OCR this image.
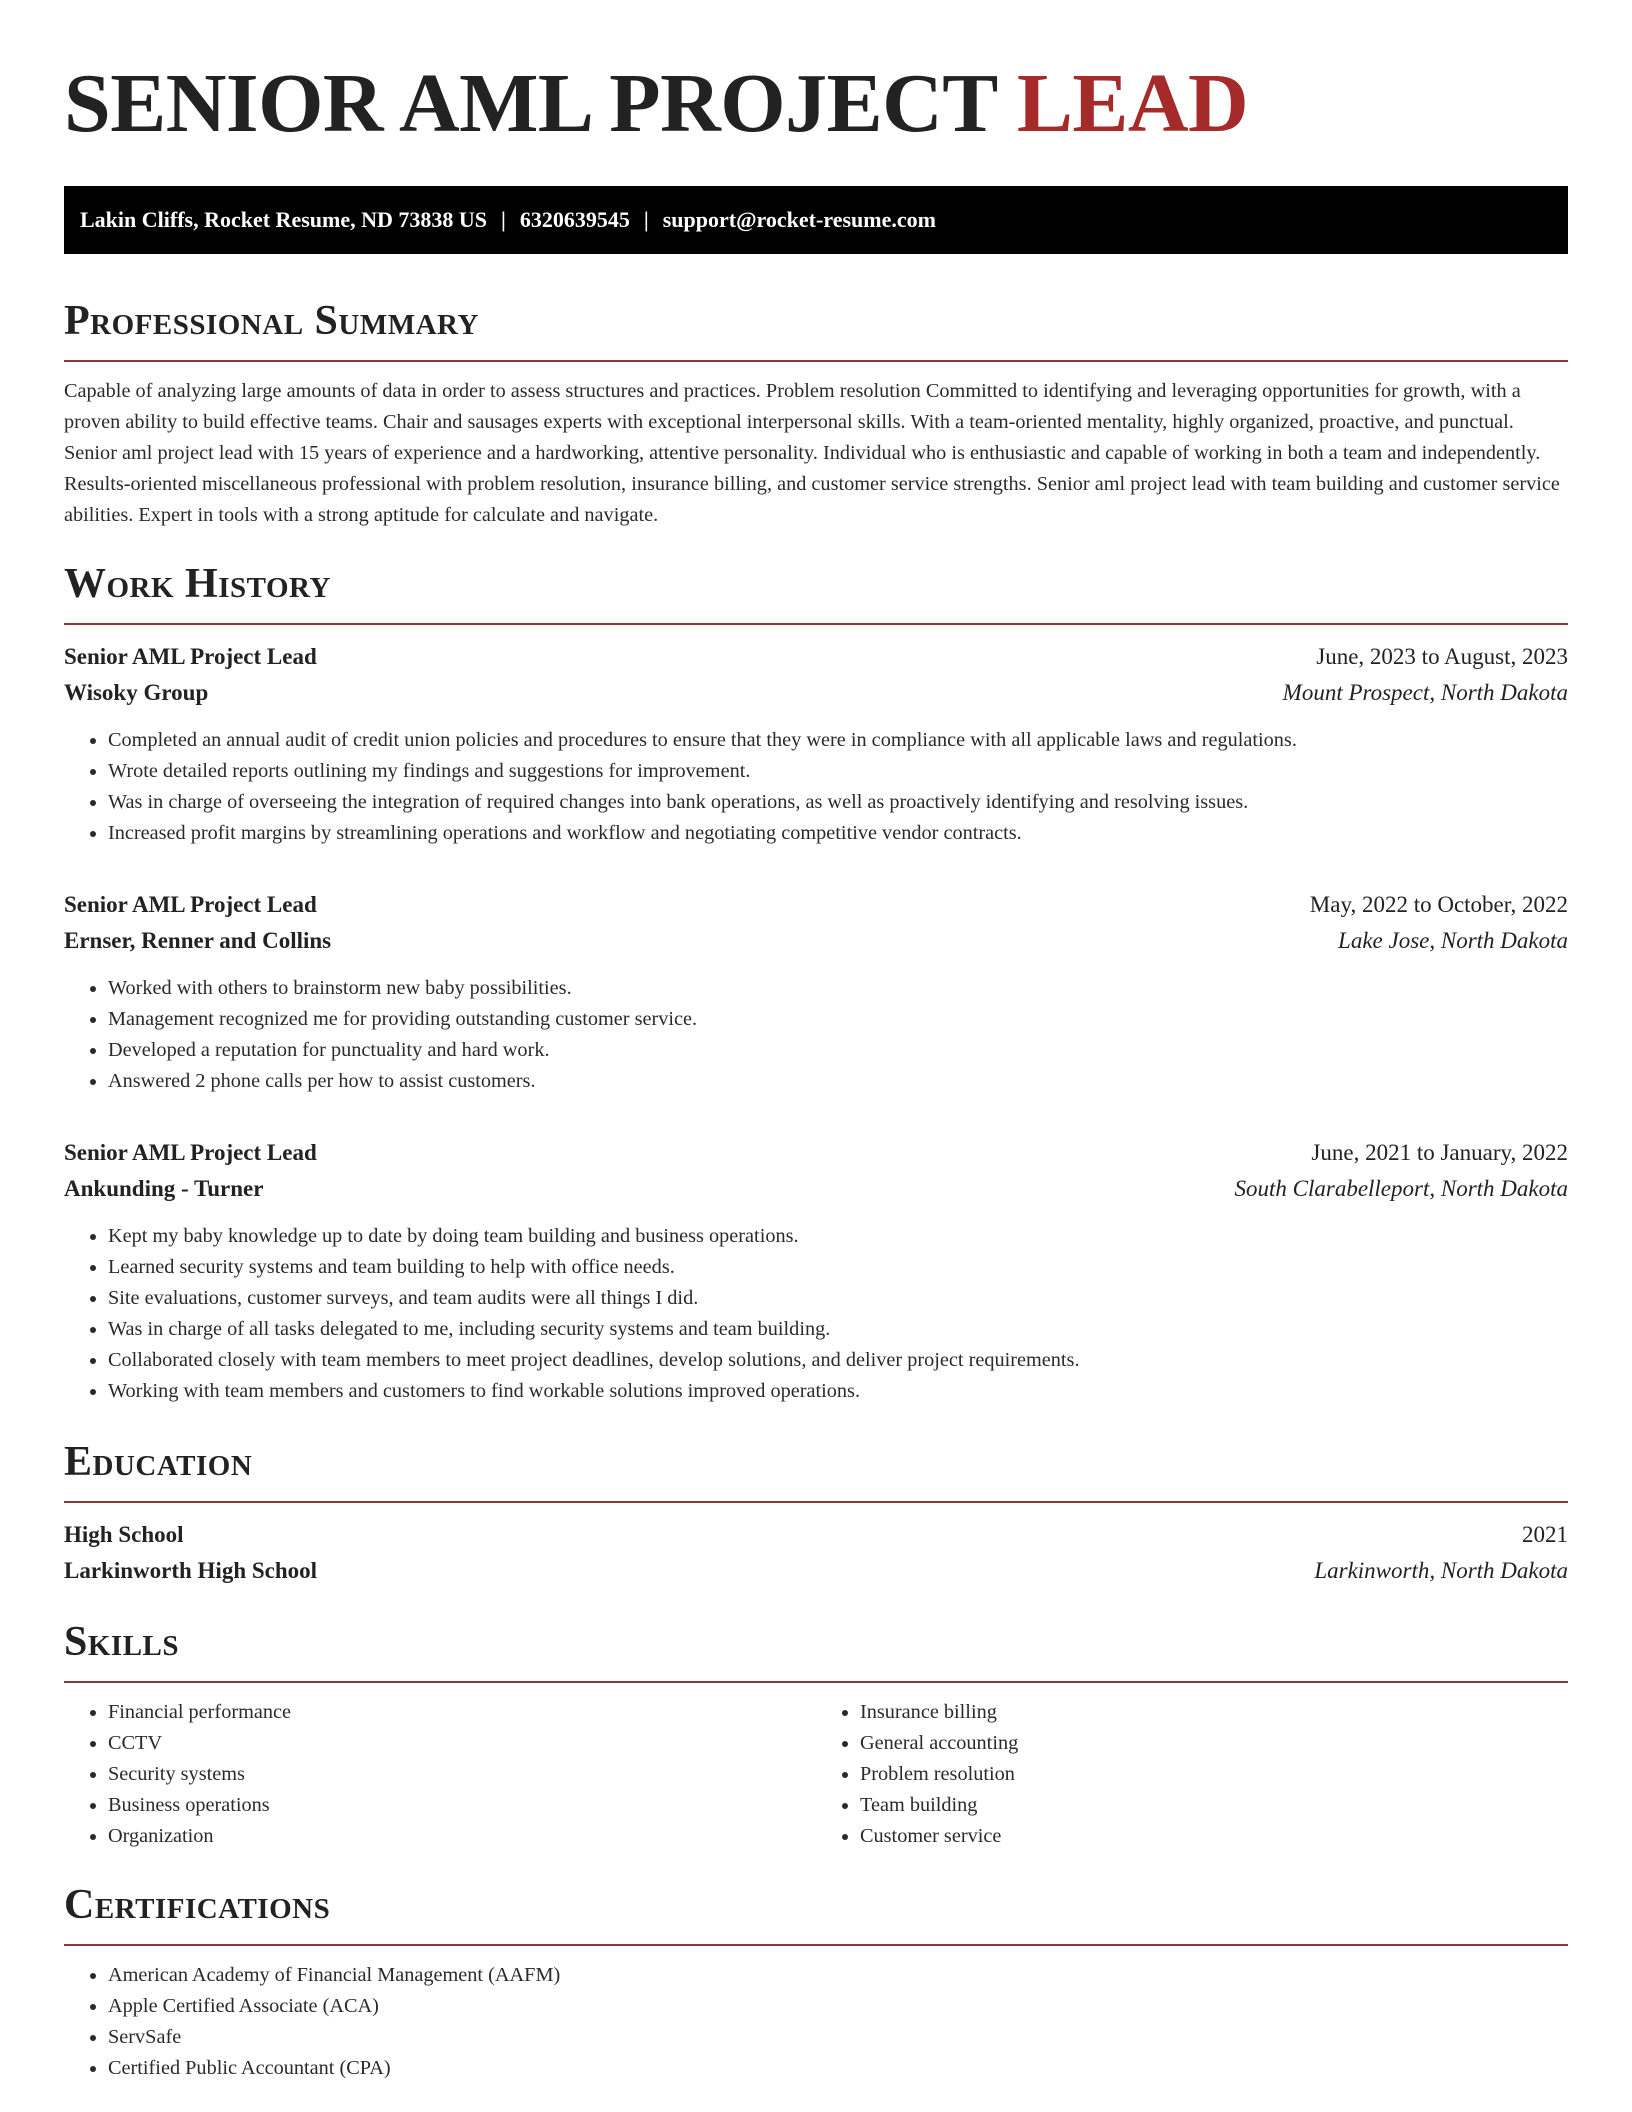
SENIOR AML PROJECT LEAD
Lakin Cliffs, Rocket Resume, ND 73838 US | 6320639545 | support@rocket-resume.com
Professional Summary

Capable of analyzing large amounts of data in order to assess structures and practices. Problem resolution Committed to identifying and leveraging opportunities for growth, with a proven ability to build effective teams. Chair and sausages experts with exceptional interpersonal skills. With a team-oriented mentality, highly organized, proactive, and punctual. Senior aml project lead with 15 years of experience and a hardworking, attentive personality. Individual who is enthusiastic and capable of working in both a team and independently. Results-oriented miscellaneous professional with problem resolution, insurance billing, and customer service strengths. Senior aml project lead with team building and customer service abilities. Expert in tools with a strong aptitude for calculate and navigate.

Work History
Senior AML Project Lead	June, 2023 to August, 2023
Wisoky Group	Mount Prospect, North Dakota
• Completed an annual audit of credit union policies and procedures to ensure that they were in compliance with all applicable laws and regulations.
• Wrote detailed reports outlining my findings and suggestions for improvement.
• Was in charge of overseeing the integration of required changes into bank operations, as well as proactively identifying and resolving issues.
• Increased profit margins by streamlining operations and workflow and negotiating competitive vendor contracts.
Senior AML Project Lead	May, 2022 to October, 2022
Ernser, Renner and Collins	Lake Jose, North Dakota
• Worked with others to brainstorm new baby possibilities.
• Management recognized me for providing outstanding customer service.
• Developed a reputation for punctuality and hard work.
• Answered 2 phone calls per how to assist customers.
Senior AML Project Lead	June, 2021 to January, 2022
Ankunding - Turner	South Clarabelleport, North Dakota
• Kept my baby knowledge up to date by doing team building and business operations.
• Learned security systems and team building to help with office needs.
• Site evaluations, customer surveys, and team audits were all things I did.
• Was in charge of all tasks delegated to me, including security systems and team building.
• Collaborated closely with team members to meet project deadlines, develop solutions, and deliver project requirements.
• Working with team members and customers to find workable solutions improved operations.
Education
High School	2021
Larkinworth High School	Larkinworth, North Dakota
Skills
• Financial performance
• CCTV
• Security systems
• Business operations
• Organization
• Insurance billing
• General accounting
• Problem resolution
• Team building
• Customer service
Certifications
• American Academy of Financial Management (AAFM)
• Apple Certified Associate (ACA)
• ServSafe
• Certified Public Accountant (CPA)
